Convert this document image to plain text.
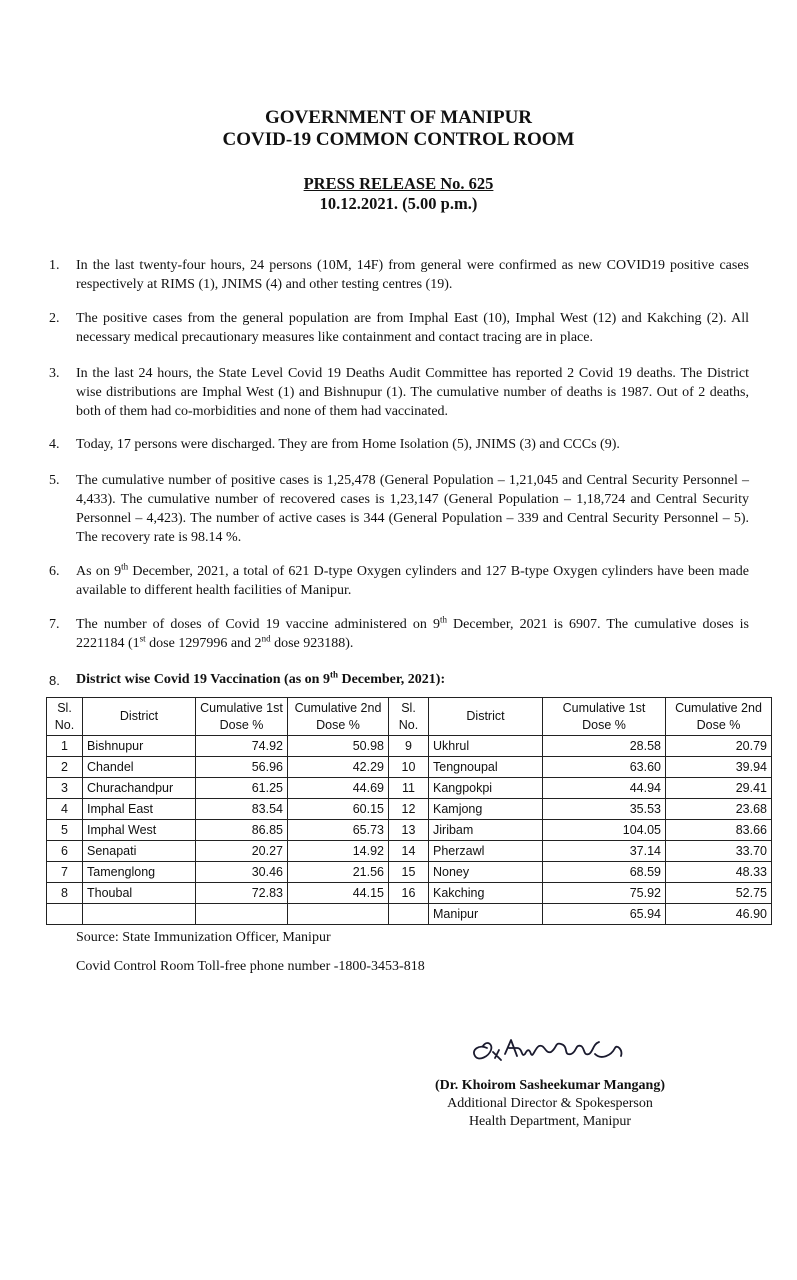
GOVERNMENT OF MANIPUR
COVID-19 COMMON CONTROL ROOM
PRESS RELEASE No. 625
10.12.2021. (5.00 p.m.)
1.	In the last twenty-four hours, 24 persons (10M, 14F) from general were confirmed as new COVID19 positive cases respectively at RIMS (1), JNIMS (4) and other testing centres (19).
2.	The positive cases from the general population are from Imphal East (10), Imphal West (12) and Kakching (2). All necessary medical precautionary measures like containment and contact tracing are in place.
3.	In the last 24 hours, the State Level Covid 19 Deaths Audit Committee has reported 2 Covid 19 deaths. The District wise distributions are Imphal West (1) and Bishnupur (1). The cumulative number of deaths is 1987. Out of 2 deaths, both of them had co-morbidities and none of them had vaccinated.
4.	Today, 17 persons were discharged. They are from Home Isolation (5), JNIMS (3) and CCCs (9).
5.	The cumulative number of positive cases is 1,25,478 (General Population – 1,21,045 and Central Security Personnel – 4,433). The cumulative number of recovered cases is 1,23,147 (General Population – 1,18,724 and Central Security Personnel – 4,423). The number of active cases is 344 (General Population – 339 and Central Security Personnel – 5). The recovery rate is 98.14 %.
6.	As on 9th December, 2021, a total of 621 D-type Oxygen cylinders and 127 B-type Oxygen cylinders have been made available to different health facilities of Manipur.
7.	The number of doses of Covid 19 vaccine administered on 9th December, 2021 is 6907. The cumulative doses is 2221184 (1st dose 1297996 and 2nd dose 923188).
8. District wise Covid 19 Vaccination (as on 9th December, 2021):
Sl. No.	District	Cumulative 1st Dose %	Cumulative 2nd Dose %	Sl. No.	District	Cumulative 1st Dose %	Cumulative 2nd Dose %
1	Bishnupur	74.92	50.98	9	Ukhrul	28.58	20.79
2	Chandel	56.96	42.29	10	Tengnoupal	63.60	39.94
3	Churachandpur	61.25	44.69	11	Kangpokpi	44.94	29.41
4	Imphal East	83.54	60.15	12	Kamjong	35.53	23.68
5	Imphal West	86.85	65.73	13	Jiribam	104.05	83.66
6	Senapati	20.27	14.92	14	Pherzawl	37.14	33.70
7	Tamenglong	30.46	21.56	15	Noney	68.59	48.33
8	Thoubal	72.83	44.15	16	Kakching	75.92	52.75
					Manipur	65.94	46.90
Source: State Immunization Officer, Manipur
Covid Control Room Toll-free phone number -1800-3453-818
(Dr. Khoirom Sasheekumar Mangang)
Additional Director & Spokesperson
Health Department, Manipur
